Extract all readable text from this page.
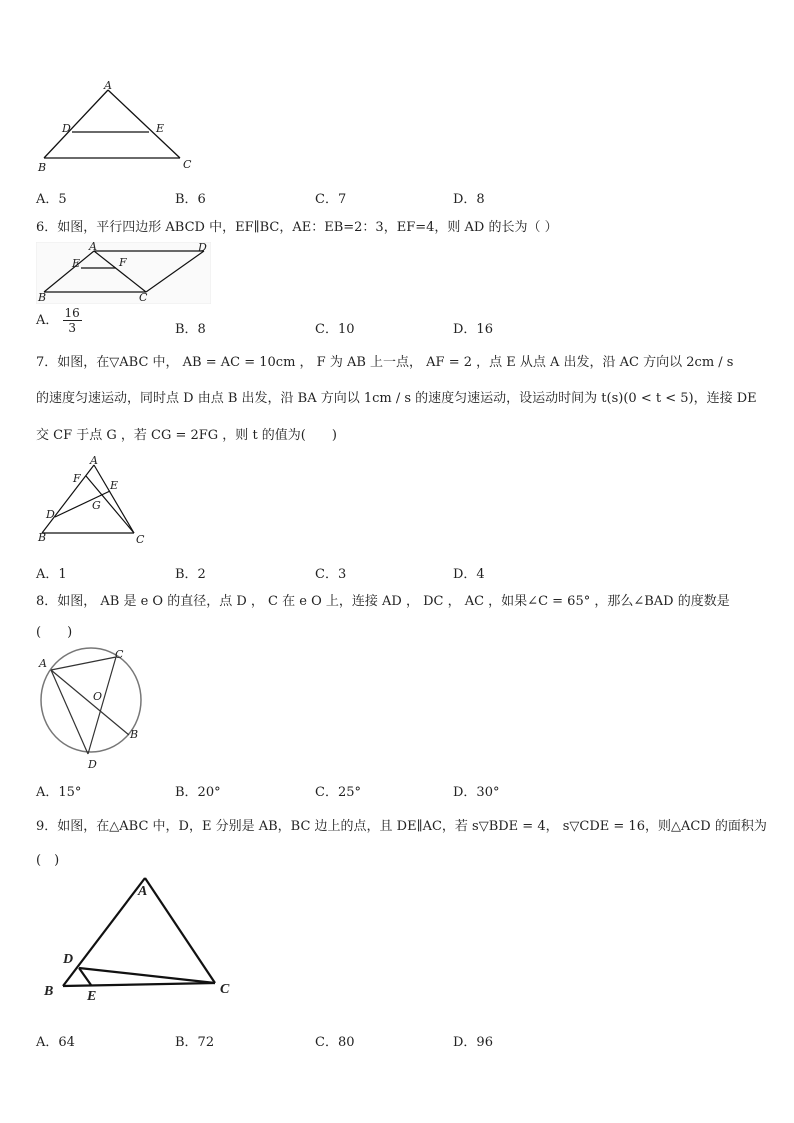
A
D	E
B	C
A．5	B．6	C．7	D．8
6．如图，平行四边形 ABCD 中，EF∥BC，AE：EB=2：3，EF=4，则 AD 的长为（ ）
A	D
E	F
B	C
A． $\frac{16}{3}$	B．8	C．10	D．16
7．如图，在▽ABC 中， AB = AC = 10cm ， F 为 AB 上一点， AF = 2 ，点 E 从点 A 出发，沿 AC 方向以 2cm / s
的速度匀速运动，同时点 D 由点 B 出发，沿 BA 方向以 1cm / s 的速度匀速运动，设运动时间为 t(s)(0 < t < 5)，连接 DE
交 CF 于点 G ，若 CG = 2FG ，则 t 的值为(　　)
A
F
E
G
D
B	C
A．1	B．2	C．3	D．4
8．如图， AB 是 e O 的直径，点 D ， C 在 e O 上，连接 AD ， DC ， AC ，如果∠C = 65° ，那么∠BAD 的度数是
(　　)
A
C
O
B
D
A．15°	B．20°	C．25°	D．30°
9．如图，在△ABC 中，D，E 分别是 AB，BC 边上的点，且 DE∥AC，若 s▽BDE = 4， s▽CDE = 16，则△ACD 的面积为
(　)
A
D
B E	C
A．64	B．72	C．80	D．96
